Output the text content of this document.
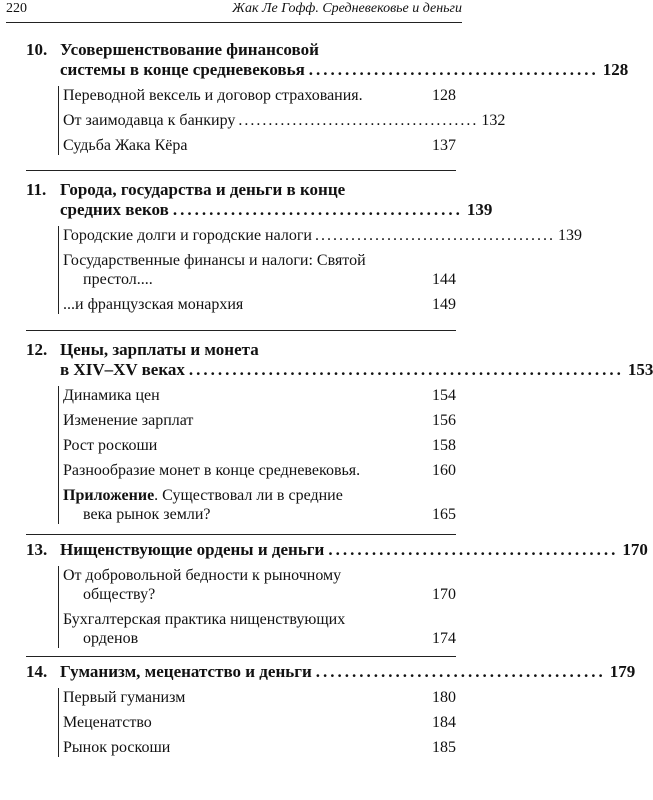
220	Жак Ле Гофф. Средневековье и деньги
10. Усовершенствование финансовой
системы в конце средневековья ........................................ 128
Переводной вексель и договор страхования.	128
От заимодавца к банкиру ........................................ 132
Судьба Жака Кёра	137
11. Города, государства и деньги в конце
средних веков ........................................ 139
Городские долги и городские налоги ........................................ 139
Государственные финансы и налоги: Святой
престол....	144
...и французская монархия	149
12. Цены, зарплаты и монета
в XIV–XV веках ............................................................ 153
Динамика цен	154
Изменение зарплат	156
Рост роскоши	158
Разнообразие монет в конце средневековья.	160
Приложение. Существовал ли в средние
века рынок земли?	165
13. Нищенствующие ордены и деньги ........................................ 170
От добровольной бедности к рыночному
обществу?	170
Бухгалтерская практика нищенствующих
орденов	174
14. Гуманизм, меценатство и деньги ........................................ 179
Первый гуманизм	180
Меценатство	184
Рынок роскоши	185
